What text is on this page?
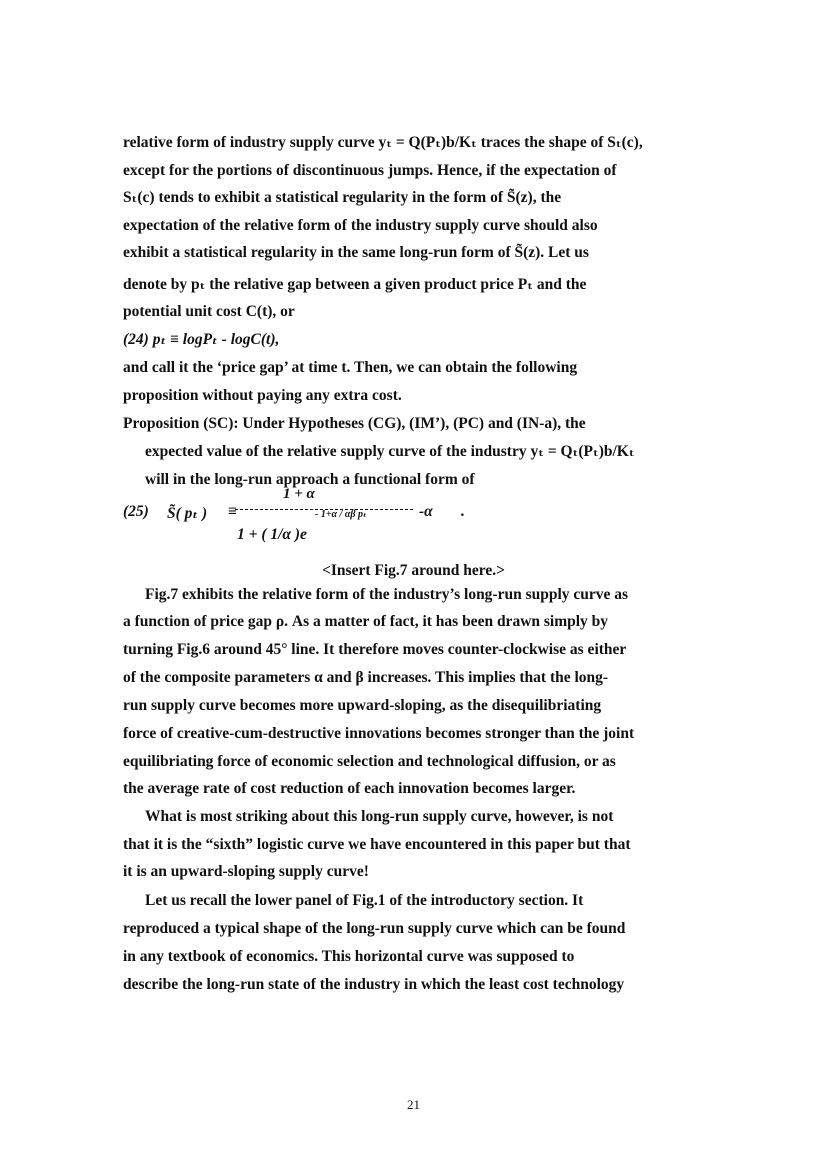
relative form of industry supply curve yₜ = Q(Pₜ)b/Kₜ traces the shape of Sₜ(c),
except for the portions of discontinuous jumps. Hence, if the expectation of
Sₜ(c) tends to exhibit a statistical regularity in the form of S̃(z), the
expectation of the relative form of the industry supply curve should also
exhibit a statistical regularity in the same long-run form of S̃(z). Let us
denote by pₜ the relative gap between a given product price Pₜ and the
potential unit cost C(t), or
(24) pₜ ≡ logPₜ - logC(t),
and call it the ‘price gap’ at time t. Then, we can obtain the following
proposition without paying any extra cost.
Proposition (SC): Under Hypotheses (CG), (IM’), (PC) and (IN-a), the
expected value of the relative supply curve of the industry yₜ = Qₜ(Pₜ)b/Kₜ
will in the long-run approach a functional form of
(25) S̃( pₜ ) ≡
1 + α
-α .
1 + ( 1/α )e
- 1+α / αβ pₜ
<Insert Fig.7 around here.>
Fig.7 exhibits the relative form of the industry’s long-run supply curve as
a function of price gap ρ. As a matter of fact, it has been drawn simply by
turning Fig.6 around 45° line. It therefore moves counter-clockwise as either
of the composite parameters α and β increases. This implies that the long-
run supply curve becomes more upward-sloping, as the disequilibriating
force of creative-cum-destructive innovations becomes stronger than the joint
equilibriating force of economic selection and technological diffusion, or as
the average rate of cost reduction of each innovation becomes larger.
What is most striking about this long-run supply curve, however, is not
that it is the “sixth” logistic curve we have encountered in this paper but that
it is an upward-sloping supply curve!
Let us recall the lower panel of Fig.1 of the introductory section. It
reproduced a typical shape of the long-run supply curve which can be found
in any textbook of economics. This horizontal curve was supposed to
describe the long-run state of the industry in which the least cost technology
21
